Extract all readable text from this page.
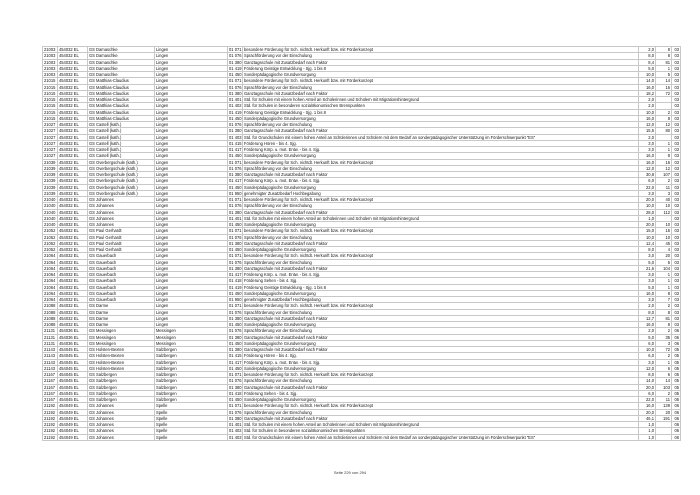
21003	454032 EL	GS Damaschke	Lingen	01 071	besondere Förderung für Sch. nichtdt. Herkunft bzw. mit Förderkonzept	2,0	8	03
21003	454032 EL	GS Damaschke	Lingen	01 076	Sprachförderung vor der Einschulung	8,0	8	03
21003	454032 EL	GS Damaschke	Lingen	01 380	Ganztagsschule mit Zusatzbedarf nach Faktor	8,4	81	03
21003	454032 EL	GS Damaschke	Lingen	01 419	Förderung Geistige Entwicklung - Sjg. 1 bis 8	5,0	1	03
21003	454032 EL	GS Damaschke	Lingen	01 450	Sonderpädagogische Grundversorgung	10,0	5	03
21015	454032 EL	GS Matthias-Claudius	Lingen	01 071	besondere Förderung für Sch. nichtdt. Herkunft bzw. mit Förderkonzept	14,0	14	03
21015	454032 EL	GS Matthias-Claudius	Lingen	01 076	Sprachförderung vor der Einschulung	16,0	16	03
21015	454032 EL	GS Matthias-Claudius	Lingen	01 380	Ganztagsschule mit Zusatzbedarf nach Faktor	18,2	72	03
21015	454032 EL	GS Matthias-Claudius	Lingen	01 401	Std. für Schulen mit einem hohen Anteil an Schülerinnen und Schülern mit Migrationshintergrund	2,0		03
21015	454032 EL	GS Matthias-Claudius	Lingen	01 402	Std. für Schulen in besonderen sozialökonomischen Brennpunkten	2,0		03
21015	454032 EL	GS Matthias-Claudius	Lingen	01 419	Förderung Geistige Entwicklung - Sjg. 1 bis 8	10,0	2	03
21015	454032 EL	GS Matthias-Claudius	Lingen	01 450	Sonderpädagogische Grundversorgung	16,0	8	03
21027	454032 EL	GS Castell (kath.)	Lingen	01 076	Sprachförderung vor der Einschulung	12,0	12	03
21027	454032 EL	GS Castell (kath.)	Lingen	01 380	Ganztagsschule mit Zusatzbedarf nach Faktor	15,5	80	03
21027	454032 EL	GS Castell (kath.)	Lingen	01 403	Std. für Grundschulen mit einem hohen Anteil an Schülerinnen und Schülern mit dem Bedarf an sonderpädagogischer Unterstützung im Förderschwerpunkt "ES"	2,0		03
21027	454032 EL	GS Castell (kath.)	Lingen	01 415	Förderung Hören - bis 4. Sjg.	3,0	1	03
21027	454032 EL	GS Castell (kath.)	Lingen	01 417	Förderung Körp. u. mot. Entw. - bis 4. Sjg.	3,0	1	03
21027	454032 EL	GS Castell (kath.)	Lingen	01 450	Sonderpädagogische Grundversorgung	16,0	8	03
21039	454032 EL	GS Overbergschule (kath.)	Lingen	01 071	besondere Förderung für Sch. nichtdt. Herkunft bzw. mit Förderkonzept	16,0	16	03
21039	454032 EL	GS Overbergschule (kath.)	Lingen	01 076	Sprachförderung vor der Einschulung	12,0	12	03
21039	454032 EL	GS Overbergschule (kath.)	Lingen	01 380	Ganztagsschule mit Zusatzbedarf nach Faktor	30,8	107	03
21039	454032 EL	GS Overbergschule (kath.)	Lingen	01 417	Förderung Körp. u. mot. Entw. - bis 4. Sjg.	6,0	2	03
21039	454032 EL	GS Overbergschule (kath.)	Lingen	01 450	Sonderpädagogische Grundversorgung	22,0	11	03
21039	454032 EL	GS Overbergschule (kath.)	Lingen	01 950	genehmigter Zusatzbedarf Hochbegabung	3,0	3	03
21040	454032 EL	GS Johannes	Lingen	01 071	besondere Förderung für Sch. nichtdt. Herkunft bzw. mit Förderkonzept	20,0	40	03
21040	454032 EL	GS Johannes	Lingen	01 076	Sprachförderung vor der Einschulung	10,0	10	03
21040	454032 EL	GS Johannes	Lingen	01 380	Ganztagsschule mit Zusatzbedarf nach Faktor	28,0	112	03
21040	454032 EL	GS Johannes	Lingen	01 401	Std. für Schulen mit einem hohen Anteil an Schülerinnen und Schülern mit Migrationshintergrund	1,0		03
21040	454032 EL	GS Johannes	Lingen	01 450	Sonderpädagogische Grundversorgung	20,0	10	03
21052	454032 EL	GS Paul Gerhardt	Lingen	01 071	besondere Förderung für Sch. nichtdt. Herkunft bzw. mit Förderkonzept	15,0	15	03
21052	454032 EL	GS Paul Gerhardt	Lingen	01 076	Sprachförderung vor der Einschulung	10,0	10	03
21052	454032 EL	GS Paul Gerhardt	Lingen	01 380	Ganztagsschule mit Zusatzbedarf nach Faktor	12,4	45	03
21052	454032 EL	GS Paul Gerhardt	Lingen	01 450	Sonderpädagogische Grundversorgung	8,0	4	03
21064	454032 EL	GS Gauerbach	Lingen	01 071	besondere Förderung für Sch. nichtdt. Herkunft bzw. mit Förderkonzept	3,0	20	03
21064	454032 EL	GS Gauerbach	Lingen	01 076	Sprachförderung vor der Einschulung	5,0	5	03
21064	454032 EL	GS Gauerbach	Lingen	01 380	Ganztagsschule mit Zusatzbedarf nach Faktor	21,6	104	03
21064	454032 EL	GS Gauerbach	Lingen	01 417	Förderung Körp. u. mot. Entw. - bis 4. Sjg.	3,0	1	03
21064	454032 EL	GS Gauerbach	Lingen	01 418	Förderung Sehen - bis 4. Sjg.	3,0	1	03
21064	454032 EL	GS Gauerbach	Lingen	01 419	Förderung Geistige Entwicklung - Sjg. 1 bis 8	5,0	1	03
21064	454032 EL	GS Gauerbach	Lingen	01 450	Sonderpädagogische Grundversorgung	16,0	8	03
21064	454032 EL	GS Gauerbach	Lingen	01 950	genehmigter Zusatzbedarf Hochbegabung	3,0	7	03
21088	454032 EL	GS Darme	Lingen	01 071	besondere Förderung für Sch. nichtdt. Herkunft bzw. mit Förderkonzept	2,0	2	03
21088	454032 EL	GS Darme	Lingen	01 076	Sprachförderung vor der Einschulung	8,0	8	03
21088	454032 EL	GS Darme	Lingen	01 380	Ganztagsschule mit Zusatzbedarf nach Faktor	12,7	81	03
21088	454032 EL	GS Darme	Lingen	01 450	Sonderpädagogische Grundversorgung	16,0	8	03
21131	454036 EL	GS Messingen	Messingen	01 076	Sprachförderung vor der Einschulung	2,0	2	06
21131	454036 EL	GS Messingen	Messingen	01 380	Ganztagsschule mit Zusatzbedarf nach Faktor	5,0	35	06
21131	454036 EL	GS Messingen	Messingen	01 450	Sonderpädagogische Grundversorgung	6,0	3	06
21143	454045 EL	GS Holsten-Bexten	Salzbergen	01 380	Ganztagsschule mit Zusatzbedarf nach Faktor	10,0	72	05
21143	454045 EL	GS Holsten-Bexten	Salzbergen	01 415	Förderung Hören - bis 4. Sjg.	6,0	2	05
21143	454045 EL	GS Holsten-Bexten	Salzbergen	01 417	Förderung Körp. u. mot. Entw. - bis 4. Sjg.	3,0	1	05
21143	454045 EL	GS Holsten-Bexten	Salzbergen	01 450	Sonderpädagogische Grundversorgung	12,0	6	05
21167	454045 EL	GS Salzbergen	Salzbergen	01 071	besondere Förderung für Sch. nichtdt. Herkunft bzw. mit Förderkonzept	8,0	6	05
21167	454045 EL	GS Salzbergen	Salzbergen	01 076	Sprachförderung vor der Einschulung	14,0	14	05
21167	454045 EL	GS Salzbergen	Salzbergen	01 380	Ganztagsschule mit Zusatzbedarf nach Faktor	20,0	103	05
21167	454045 EL	GS Salzbergen	Salzbergen	01 418	Förderung Sehen - bis 4. Sjg.	6,0	2	05
21167	454045 EL	GS Salzbergen	Salzbergen	01 450	Sonderpädagogische Grundversorgung	22,0	11	05
21192	454049 EL	GS Johannes	Spelle	01 071	besondere Förderung für Sch. nichtdt. Herkunft bzw. mit Förderkonzept	16,0	139	06
21192	454049 EL	GS Johannes	Spelle	01 076	Sprachförderung vor der Einschulung	20,0	20	06
21192	454049 EL	GS Johannes	Spelle	01 380	Ganztagsschule mit Zusatzbedarf nach Faktor	46,1	191	06
21192	454049 EL	GS Johannes	Spelle	01 401	Std. für Schulen mit einem hohen Anteil an Schülerinnen und Schülern mit Migrationshintergrund	1,0		06
21192	454049 EL	GS Johannes	Spelle	01 402	Std. für Schulen in besonderen sozialökonomischen Brennpunkten	1,0		06
21192	454049 EL	GS Johannes	Spelle	01 403	Std. für Grundschulen mit einem hohen Anteil an Schülerinnen und Schülern mit dem Bedarf an sonderpädagogischer Unterstützung im Förderschwerpunkt "ES"	1,0		06
Seite 229 von 294
